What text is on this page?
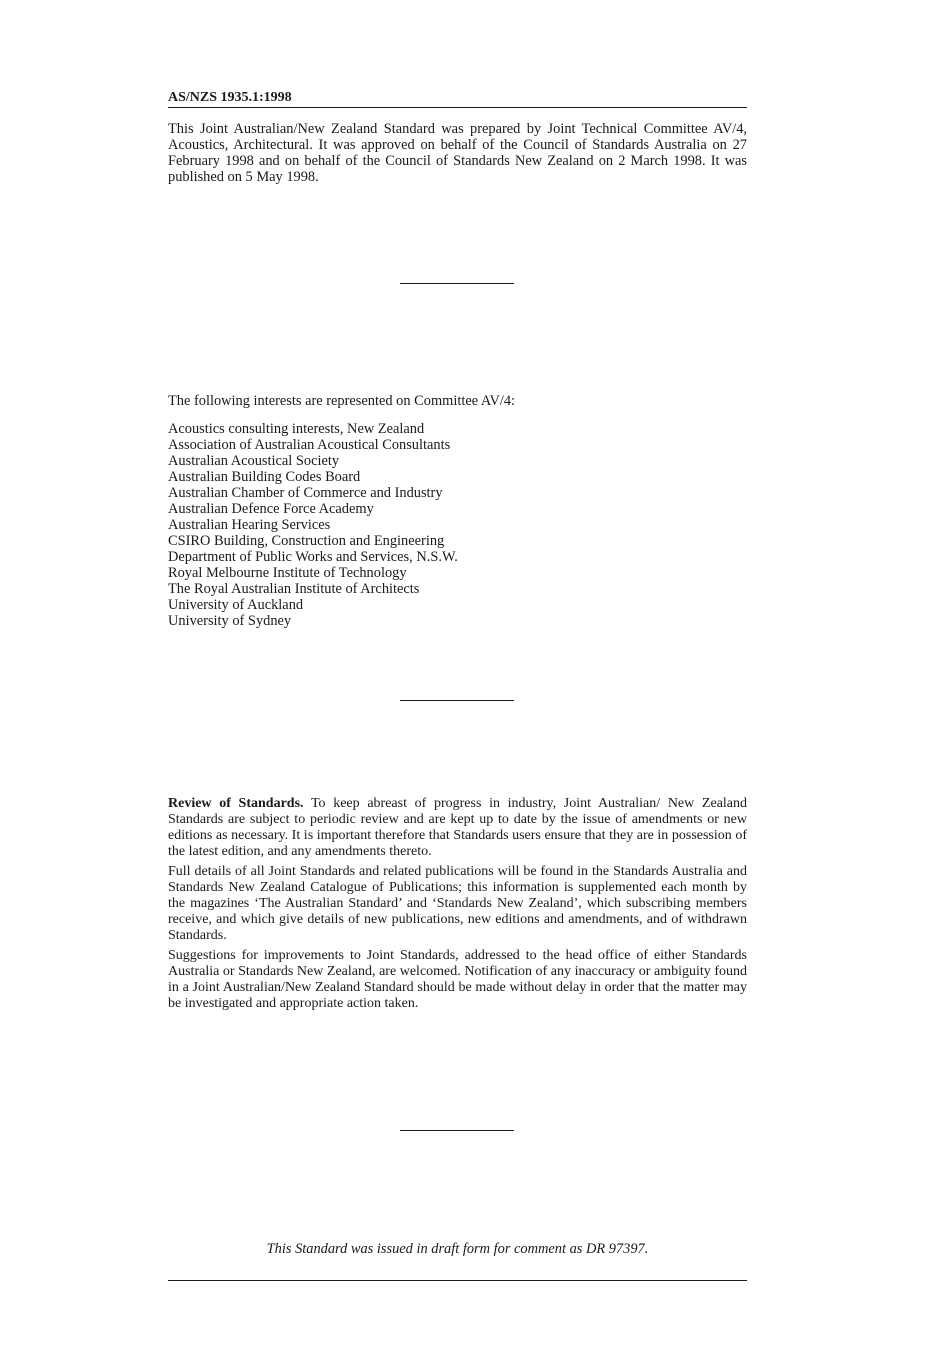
AS/NZS 1935.1:1998

This Joint Australian/New Zealand Standard was prepared by Joint Technical Committee AV/4, Acoustics, Architectural. It was approved on behalf of the Council of Standards Australia on 27 February 1998 and on behalf of the Council of Standards New Zealand on 2 March 1998. It was published on 5 May 1998.

The following interests are represented on Committee AV/4:

Acoustics consulting interests, New Zealand
Association of Australian Acoustical Consultants
Australian Acoustical Society
Australian Building Codes Board
Australian Chamber of Commerce and Industry
Australian Defence Force Academy
Australian Hearing Services
CSIRO Building, Construction and Engineering
Department of Public Works and Services, N.S.W.
Royal Melbourne Institute of Technology
The Royal Australian Institute of Architects
University of Auckland
University of Sydney

Review of Standards. To keep abreast of progress in industry, Joint Australian/ New Zealand Standards are subject to periodic review and are kept up to date by the issue of amendments or new editions as necessary. It is important therefore that Standards users ensure that they are in possession of the latest edition, and any amendments thereto.

Full details of all Joint Standards and related publications will be found in the Standards Australia and Standards New Zealand Catalogue of Publications; this information is supplemented each month by the magazines ‘The Australian Standard’ and ‘Standards New Zealand’, which subscribing members receive, and which give details of new publications, new editions and amendments, and of withdrawn Standards.

Suggestions for improvements to Joint Standards, addressed to the head office of either Standards Australia or Standards New Zealand, are welcomed. Notification of any inaccuracy or ambiguity found in a Joint Australian/New Zealand Standard should be made without delay in order that the matter may be investigated and appropriate action taken.

This Standard was issued in draft form for comment as DR 97397.
